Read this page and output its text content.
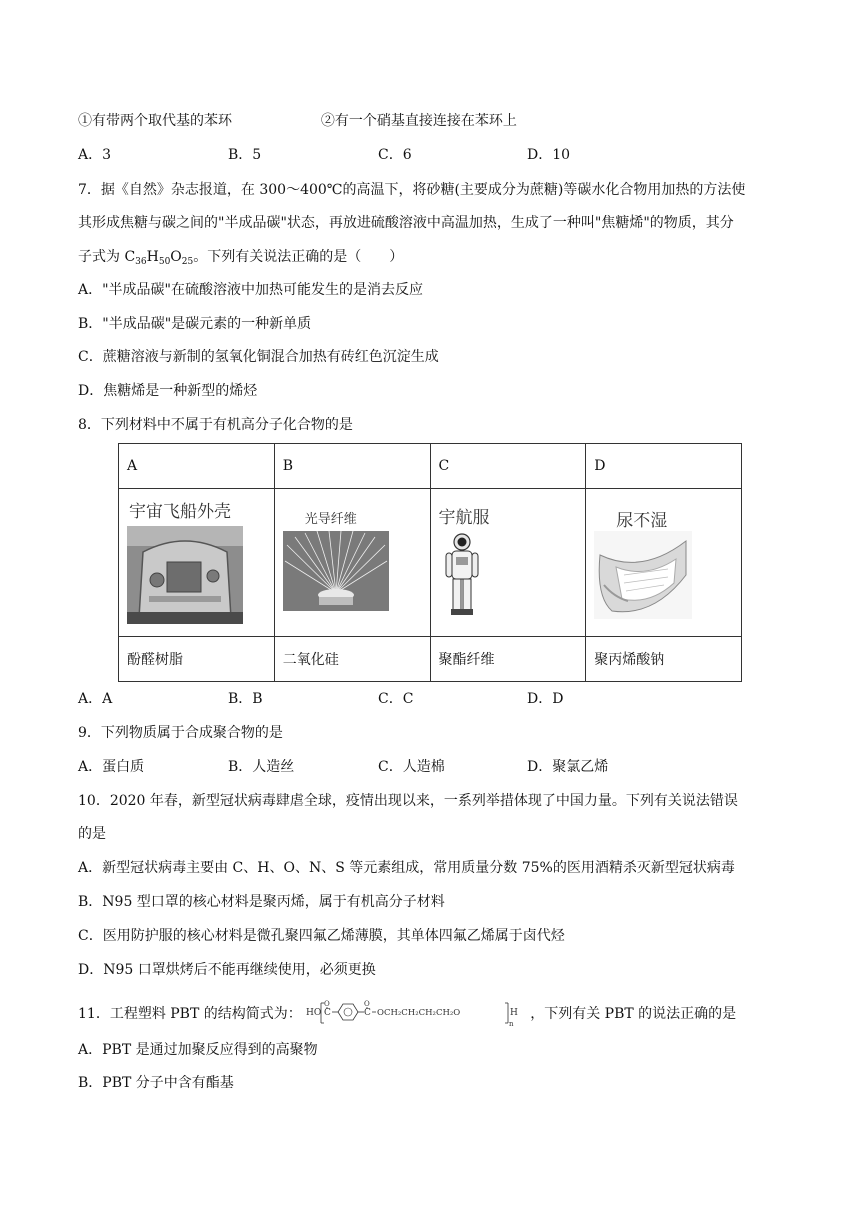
①有带两个取代基的苯环	②有一个硝基直接连接在苯环上
A．3	B．5	C．6	D．10
7．据《自然》杂志报道，在 300～400℃的高温下，将砂糖(主要成分为蔗糖)等碳水化合物用加热的方法使
其形成焦糖与碳之间的"半成品碳"状态，再放进硫酸溶液中高温加热，生成了一种叫"焦糖烯"的物质，其分
子式为 $C_{36}H_{50}O_{25}$。下列有关说法正确的是（　　）
A．"半成品碳"在硫酸溶液中加热可能发生的是消去反应
B．"半成品碳"是碳元素的一种新单质
C．蔗糖溶液与新制的氢氧化铜混合加热有砖红色沉淀生成
D．焦糖烯是一种新型的烯烃
8．下列材料中不属于有机高分子化合物的是
A	B	C	D

宇宙飞船外壳	光导纤维	宇航服	尿不湿

酚醛树脂	二氧化硅	聚酯纤维	聚丙烯酸钠
A．A	B．B	C．C	D．D
9．下列物质属于合成聚合物的是
A．蛋白质	B．人造丝	C．人造棉	D．聚氯乙烯
10．2020 年春，新型冠状病毒肆虐全球，疫情出现以来，一系列举措体现了中国力量。下列有关说法错误
的是
A．新型冠状病毒主要由 C、H、O、N、S 等元素组成，常用质量分数 75%的医用酒精杀灭新型冠状病毒
B．N95 型口罩的核心材料是聚丙烯，属于有机高分子材料
C．医用防护服的核心材料是微孔聚四氟乙烯薄膜，其单体四氟乙烯属于卤代烃
D．N95 口罩烘烤后不能再继续使用，必须更换
11．工程塑料 PBT 的结构简式为： HO C
O
C
O
OCH₂CH₂CH₂CH₂O	H
n
，下列有关 PBT 的说法正确的是
A．PBT 是通过加聚反应得到的高聚物
B．PBT 分子中含有酯基
